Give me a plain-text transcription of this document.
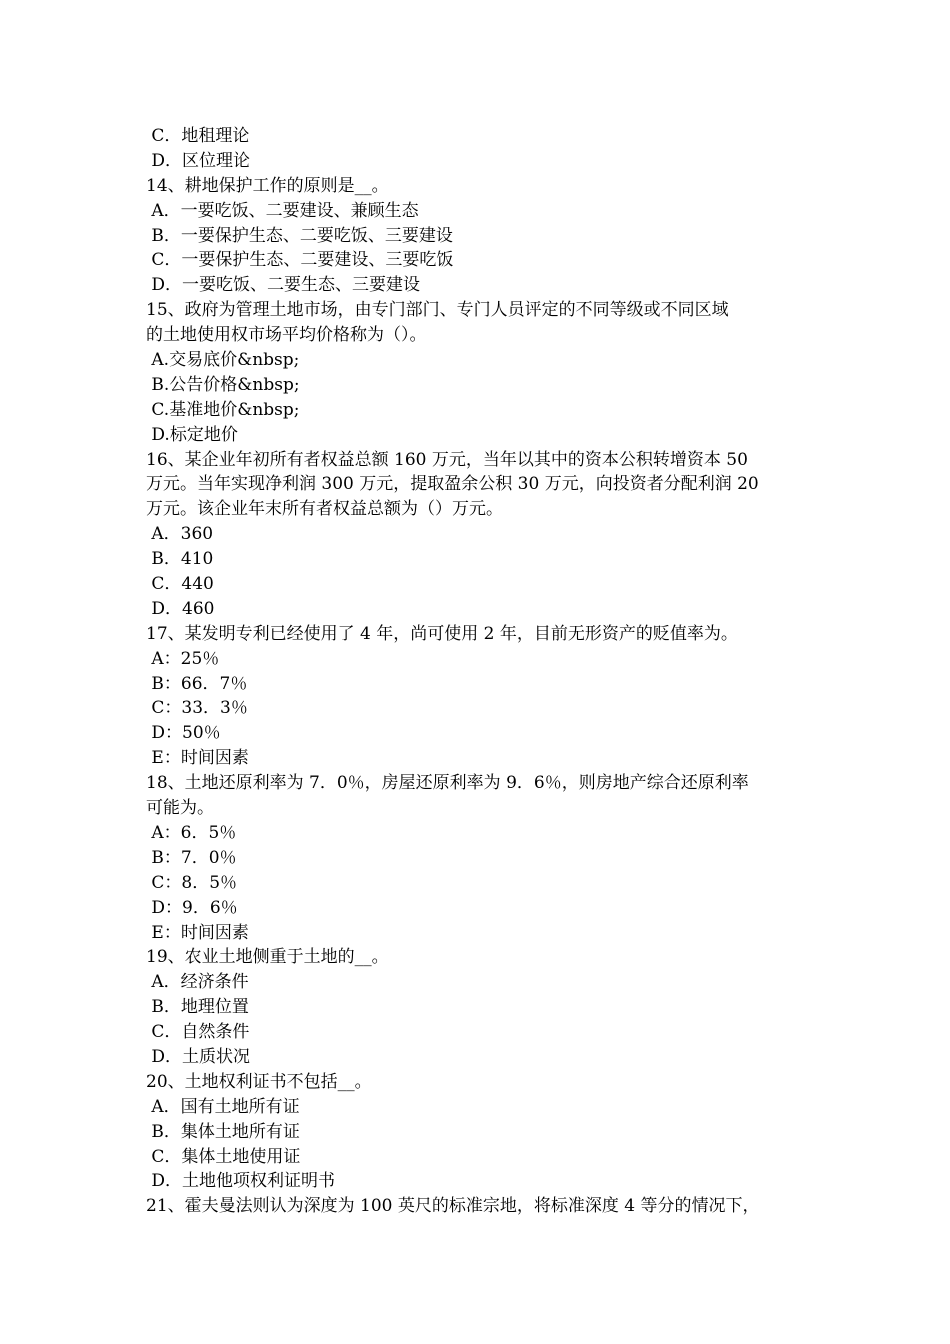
C．地租理论
D．区位理论
14、耕地保护工作的原则是__。
A．一要吃饭、二要建设、兼顾生态
B．一要保护生态、二要吃饭、三要建设
C．一要保护生态、二要建设、三要吃饭
D．一要吃饭、二要生态、三要建设
15、政府为管理土地市场，由专门部门、专门人员评定的不同等级或不同区域
的土地使用权市场平均价格称为（）。
A.交易底价&nbsp;
B.公告价格&nbsp;
C.基准地价&nbsp;
D.标定地价
16、某企业年初所有者权益总额 160 万元，当年以其中的资本公积转增资本 50
万元。当年实现净利润 300 万元，提取盈余公积 30 万元，向投资者分配利润 20
万元。该企业年末所有者权益总额为（）万元。
A．360
B．410
C．440
D．460
17、某发明专利已经使用了 4 年，尚可使用 2 年，目前无形资产的贬值率为。
A：25％
B：66．7％
C：33．3％
D：50％
E：时间因素
18、土地还原利率为 7．0％，房屋还原利率为 9．6％，则房地产综合还原利率
可能为。
A：6．5％
B：7．0％
C：8．5％
D：9．6％
E：时间因素
19、农业土地侧重于土地的__。
A．经济条件
B．地理位置
C．自然条件
D．土质状况
20、土地权利证书不包括__。
A．国有土地所有证
B．集体土地所有证
C．集体土地使用证
D．土地他项权利证明书
21、霍夫曼法则认为深度为 100 英尺的标准宗地，将标准深度 4 等分的情况下，
